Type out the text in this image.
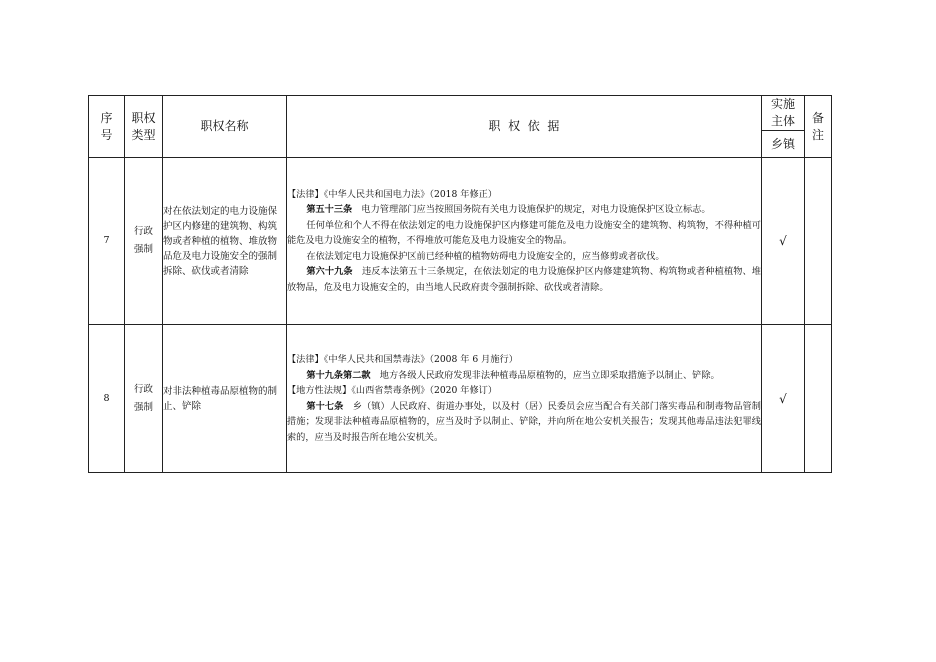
序号	职权类型	职权名称	职  权  依  据	实施主体	备注
				乡镇	
7	行政强制	对在依法划定的电力设施保护区内修建的建筑物、构筑物或者种植的植物、堆放物品危及电力设施安全的强制拆除、砍伐或者清除	【法律】《中华人民共和国电力法》（2018 年修正）
第五十三条　电力管理部门应当按照国务院有关电力设施保护的规定，对电力设施保护区设立标志。
任何单位和个人不得在依法划定的电力设施保护区内修建可能危及电力设施安全的建筑物、构筑物，不得种植可能危及电力设施安全的植物，不得堆放可能危及电力设施安全的物品。
在依法划定电力设施保护区前已经种植的植物妨碍电力设施安全的，应当修剪或者砍伐。
第六十九条　违反本法第五十三条规定，在依法划定的电力设施保护区内修建建筑物、构筑物或者种植植物、堆放物品，危及电力设施安全的，由当地人民政府责令强制拆除、砍伐或者清除。	√	
8	行政强制	对非法种植毒品原植物的制止、铲除	【法律】《中华人民共和国禁毒法》（2008 年 6 月施行）
第十九条第二款　地方各级人民政府发现非法种植毒品原植物的，应当立即采取措施予以制止、铲除。
【地方性法规】《山西省禁毒条例》（2020 年修订）
第十七条　乡（镇）人民政府、街道办事处，以及村（居）民委员会应当配合有关部门落实毒品和制毒物品管制措施；发现非法种植毒品原植物的，应当及时予以制止、铲除，并向所在地公安机关报告；发现其他毒品违法犯罪线索的，应当及时报告所在地公安机关。	√	
